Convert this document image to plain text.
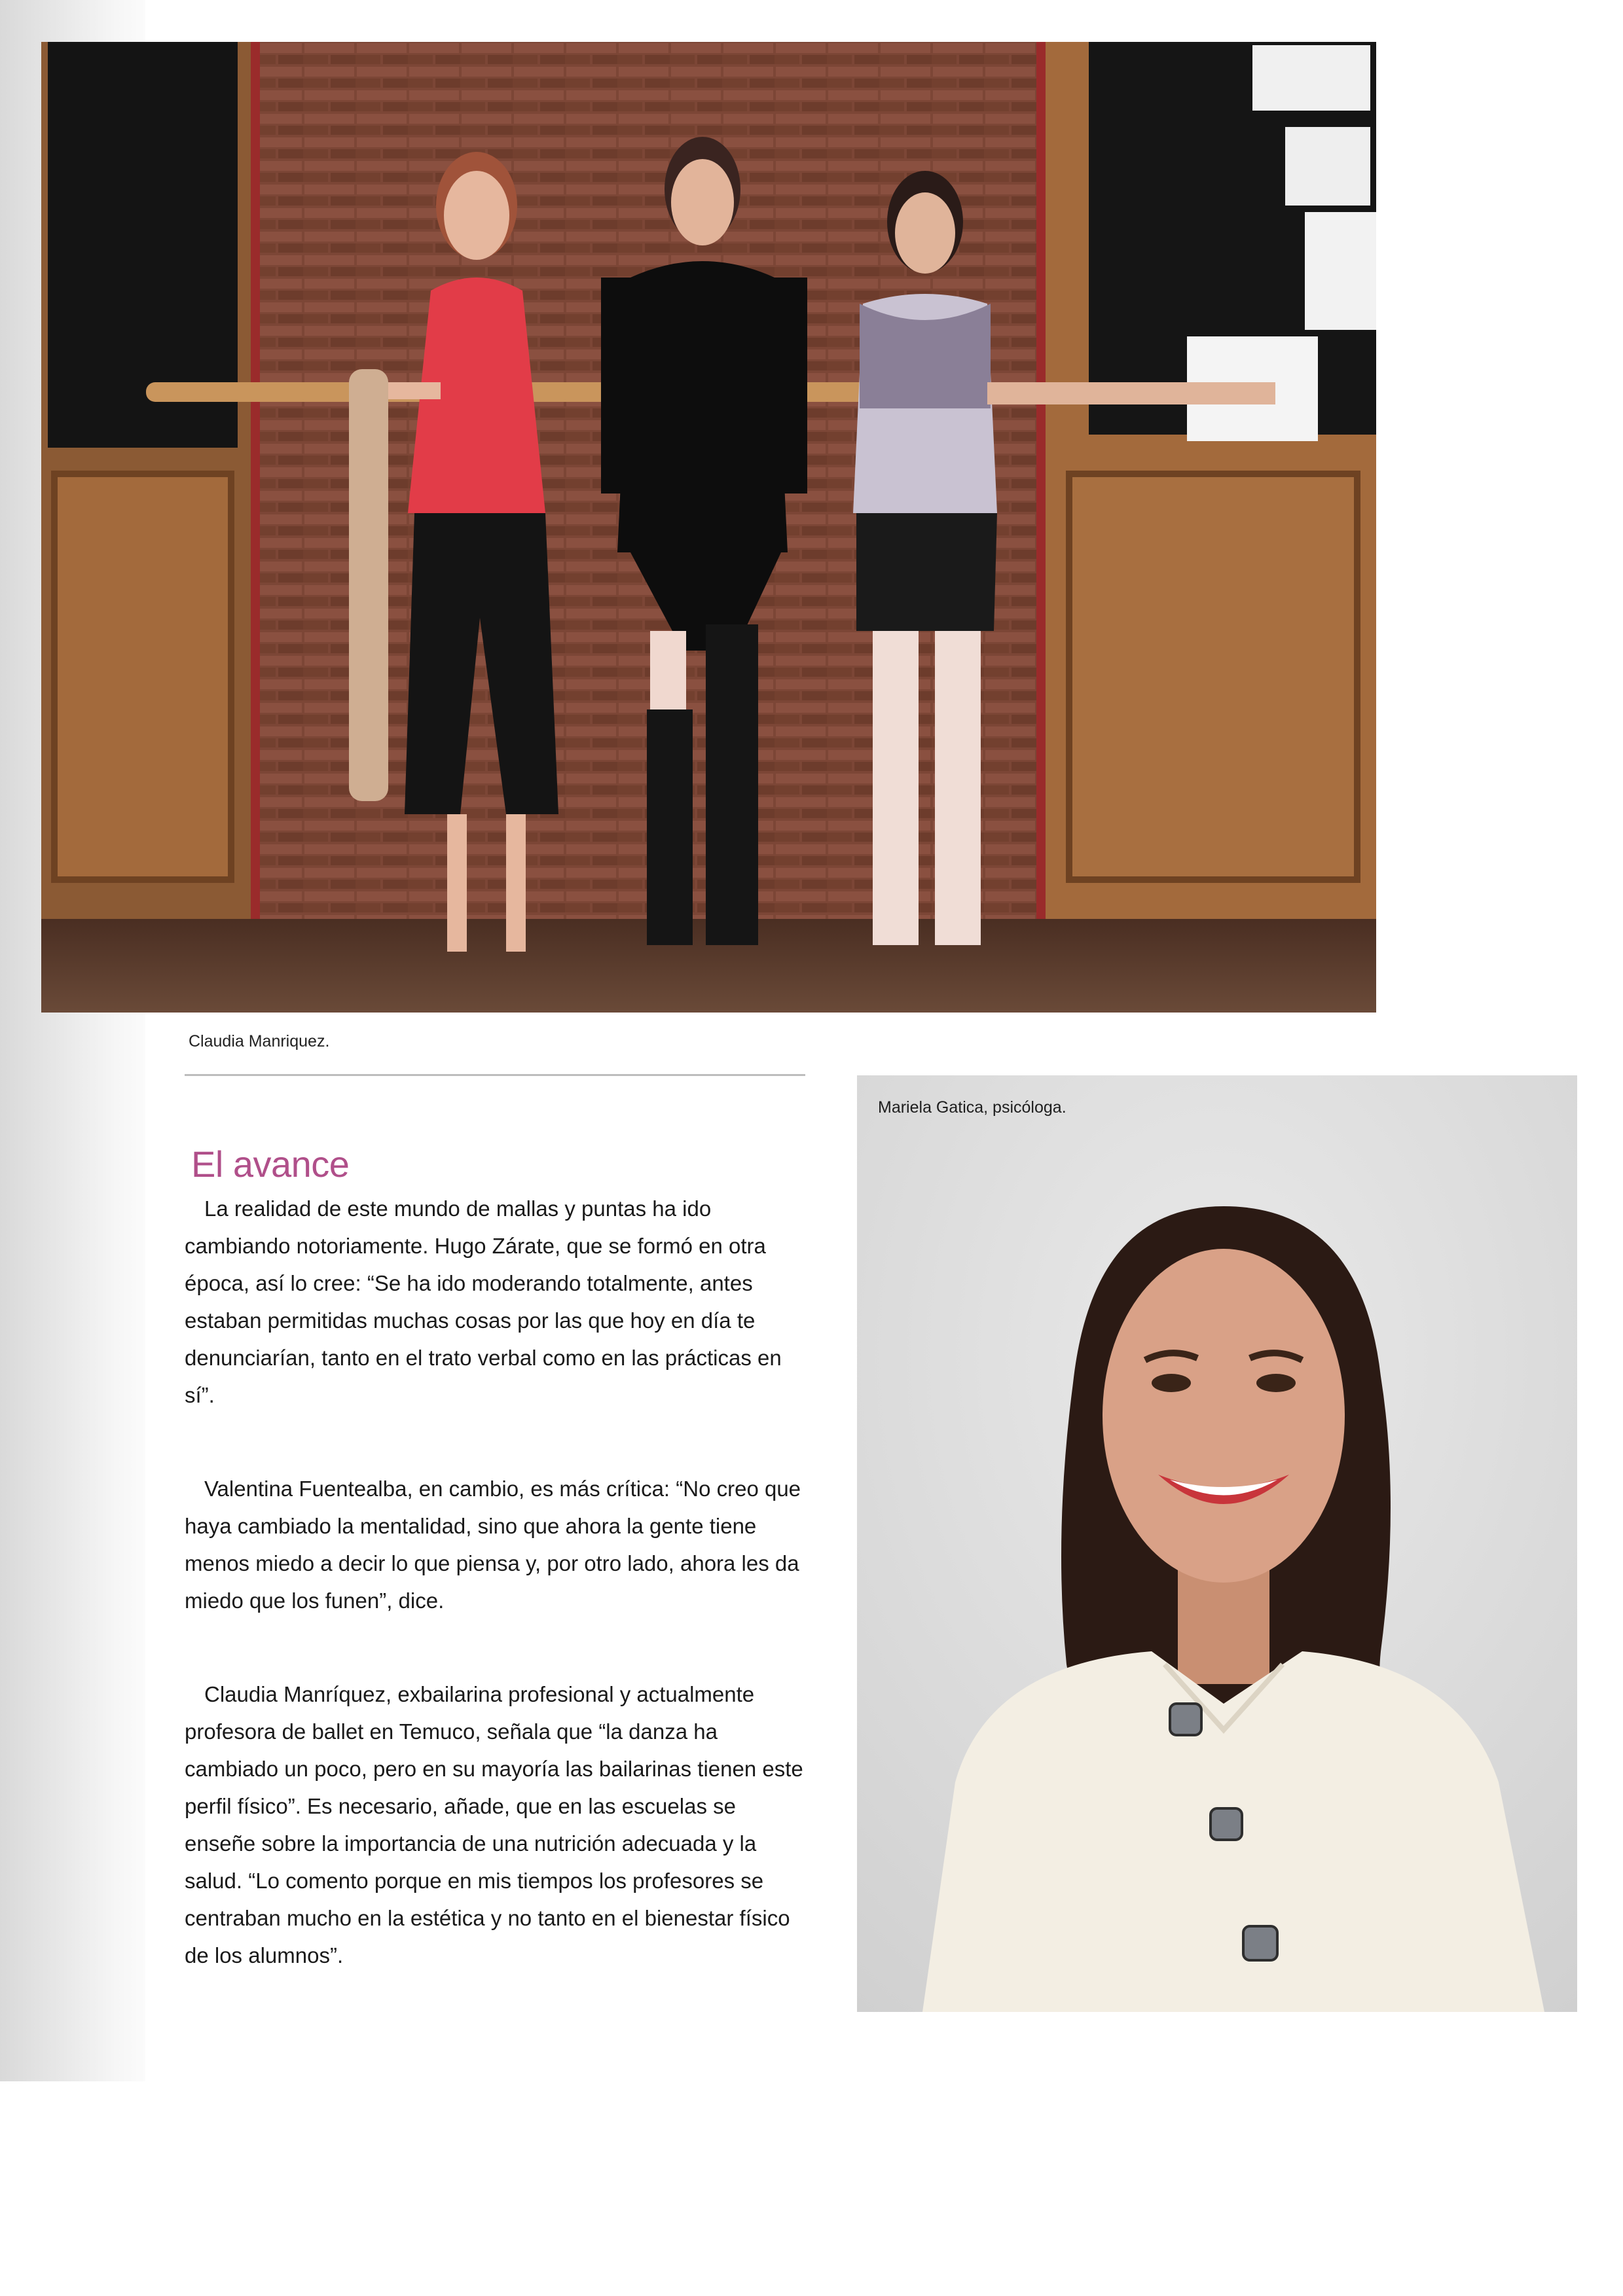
Claudia Manriquez.
El avance

La realidad de este mundo de mallas y puntas ha ido cambiando notoriamente. Hugo Zárate, que se formó en otra época, así lo cree: “Se ha ido moderando totalmente, antes estaban permitidas muchas cosas por las que hoy en día te denunciarían, tanto en el trato verbal como en las prácticas en sí”.

Valentina Fuentealba, en cambio, es más crítica: “No creo que haya cambiado la mentalidad, sino que ahora la gente tiene menos miedo a decir lo que piensa y, por otro lado, ahora les da miedo que los funen”, dice.

Claudia Manríquez, exbailarina profesional y actualmente profesora de ballet en Temuco, señala que “la danza ha cambiado un poco, pero en su mayoría las bailarinas tienen este perfil físico”. Es necesario, añade, que en las escuelas se enseñe sobre la importancia de una nutrición adecuada y la salud. “Lo comento porque en mis tiempos los profesores se centraban mucho en la estética y no tanto en el bienestar físico de los alumnos”.

Mariela Gatica, psicóloga.
